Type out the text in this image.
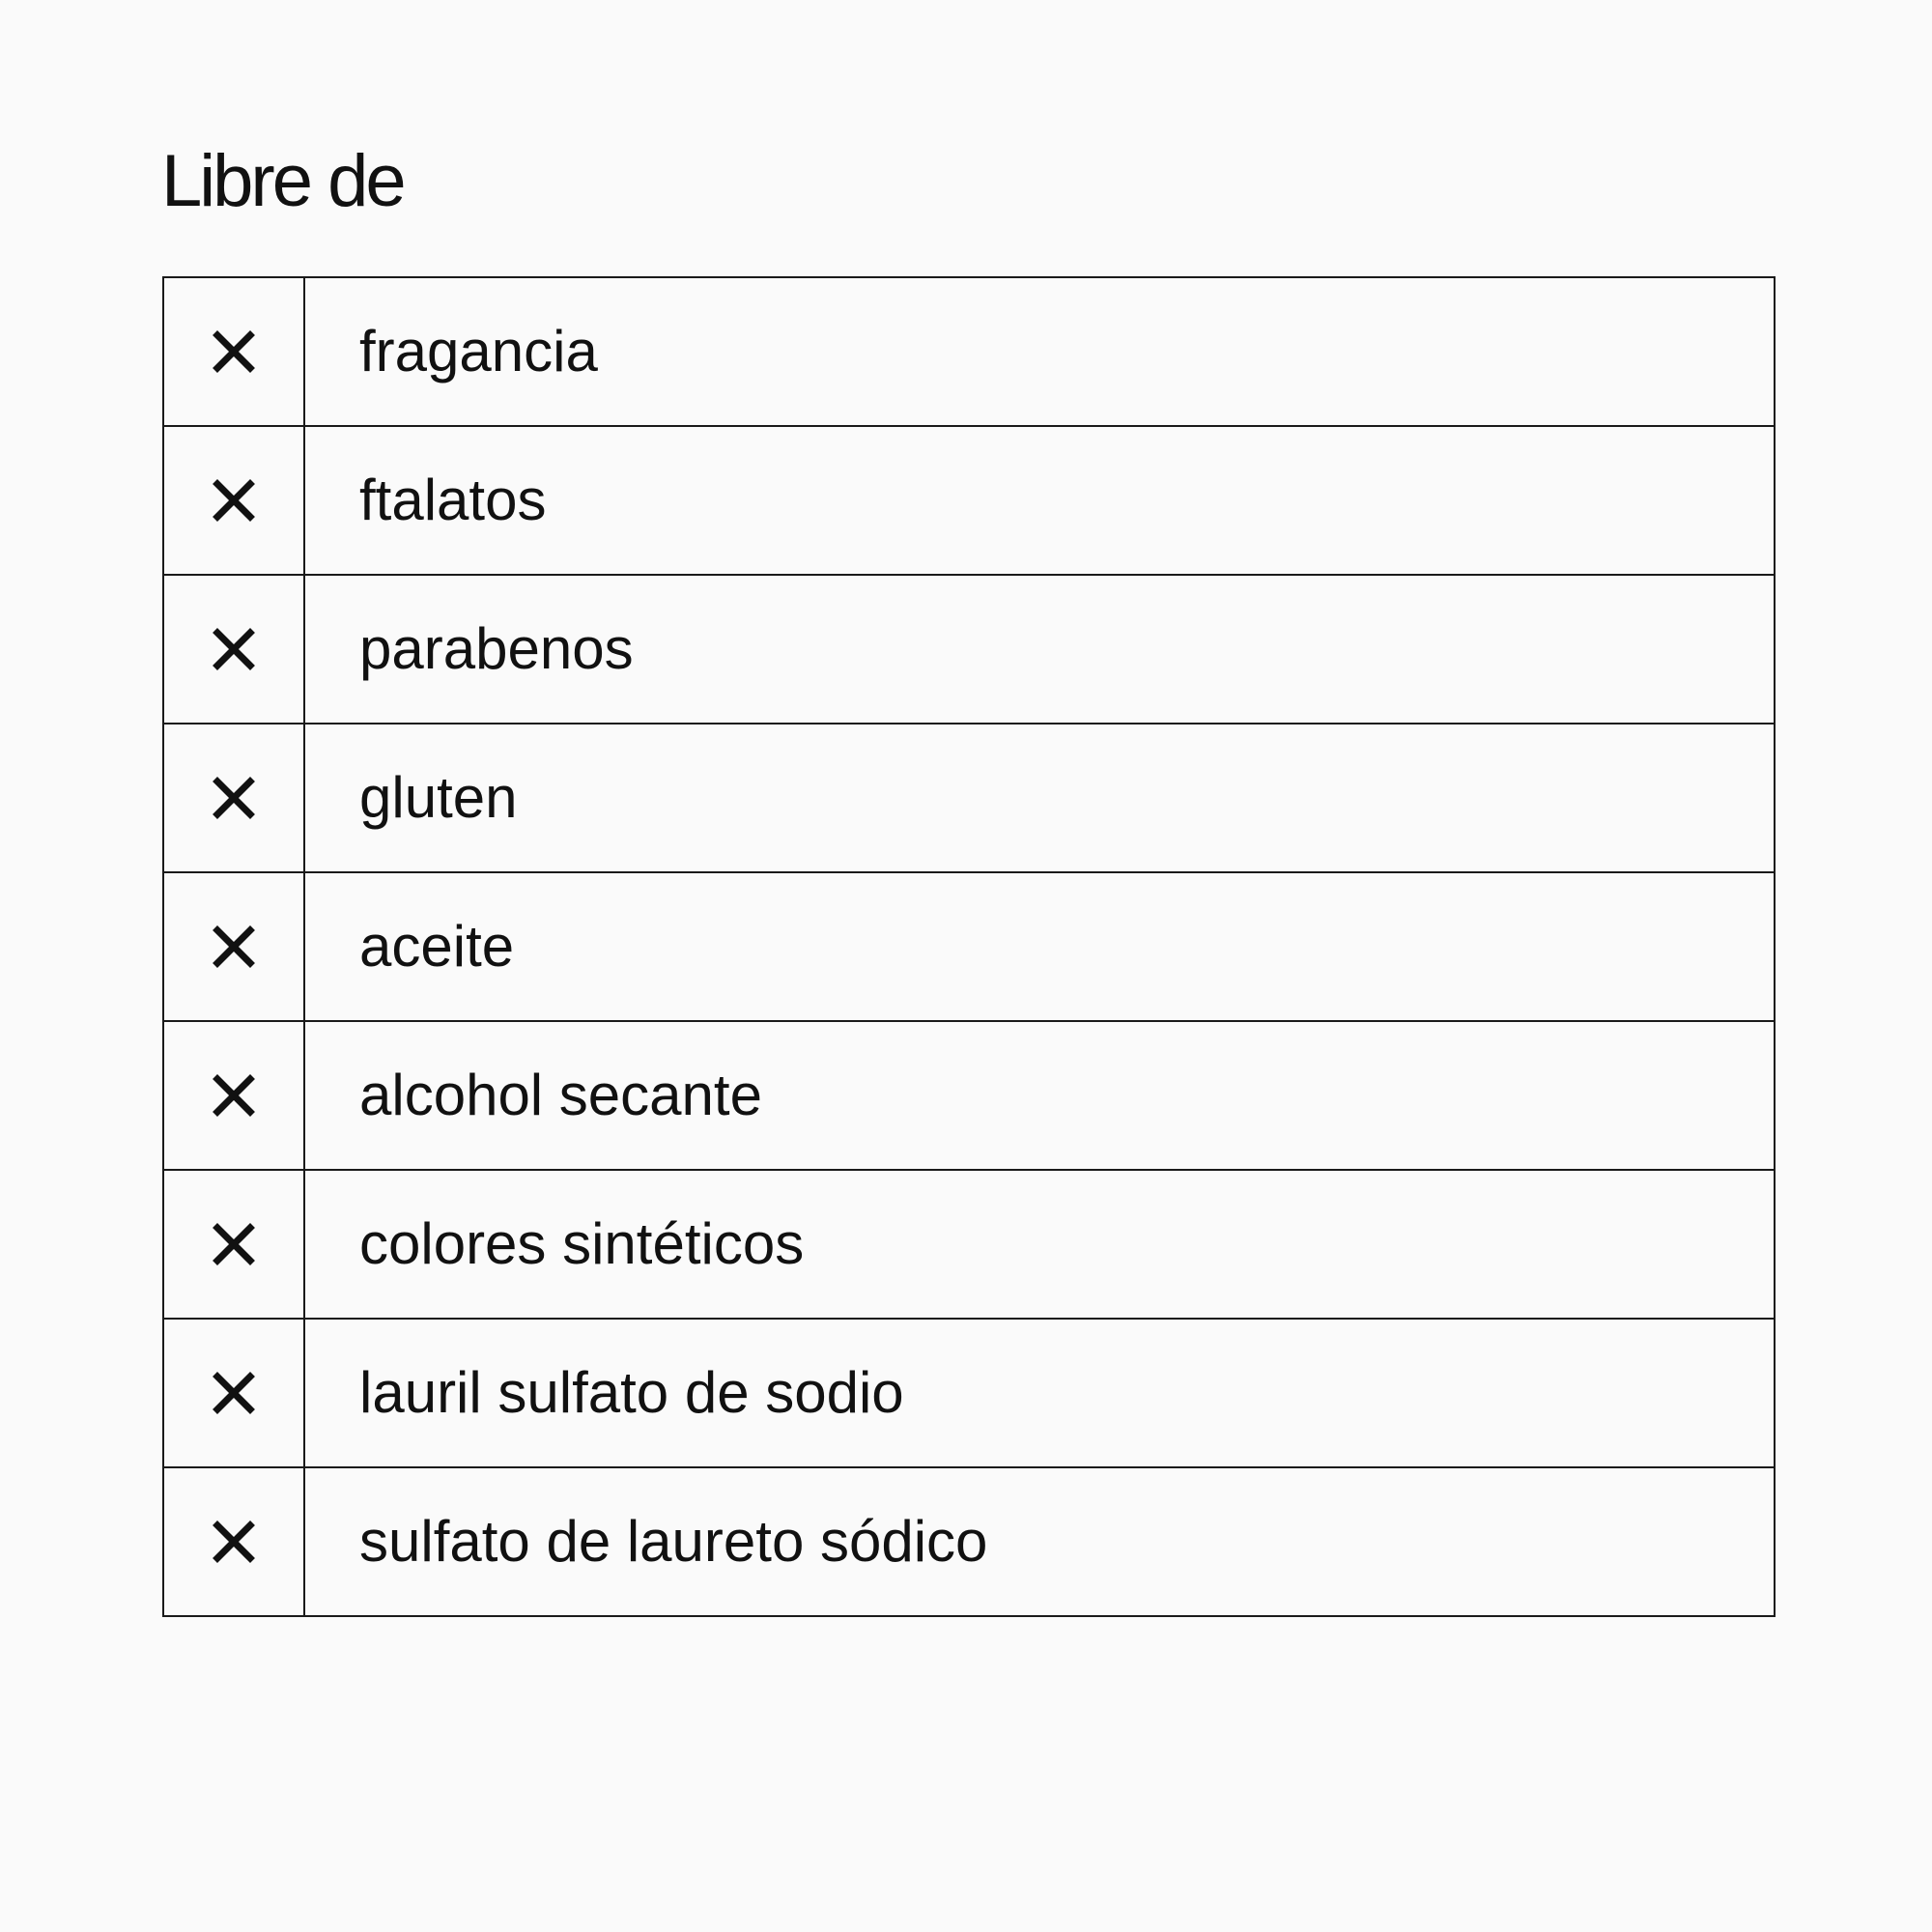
Libre de
	fragancia

	ftalatos

	parabenos

	gluten

	aceite

	alcohol secante

	colores sintéticos

	lauril sulfato de sodio

	sulfato de laureto sódico
